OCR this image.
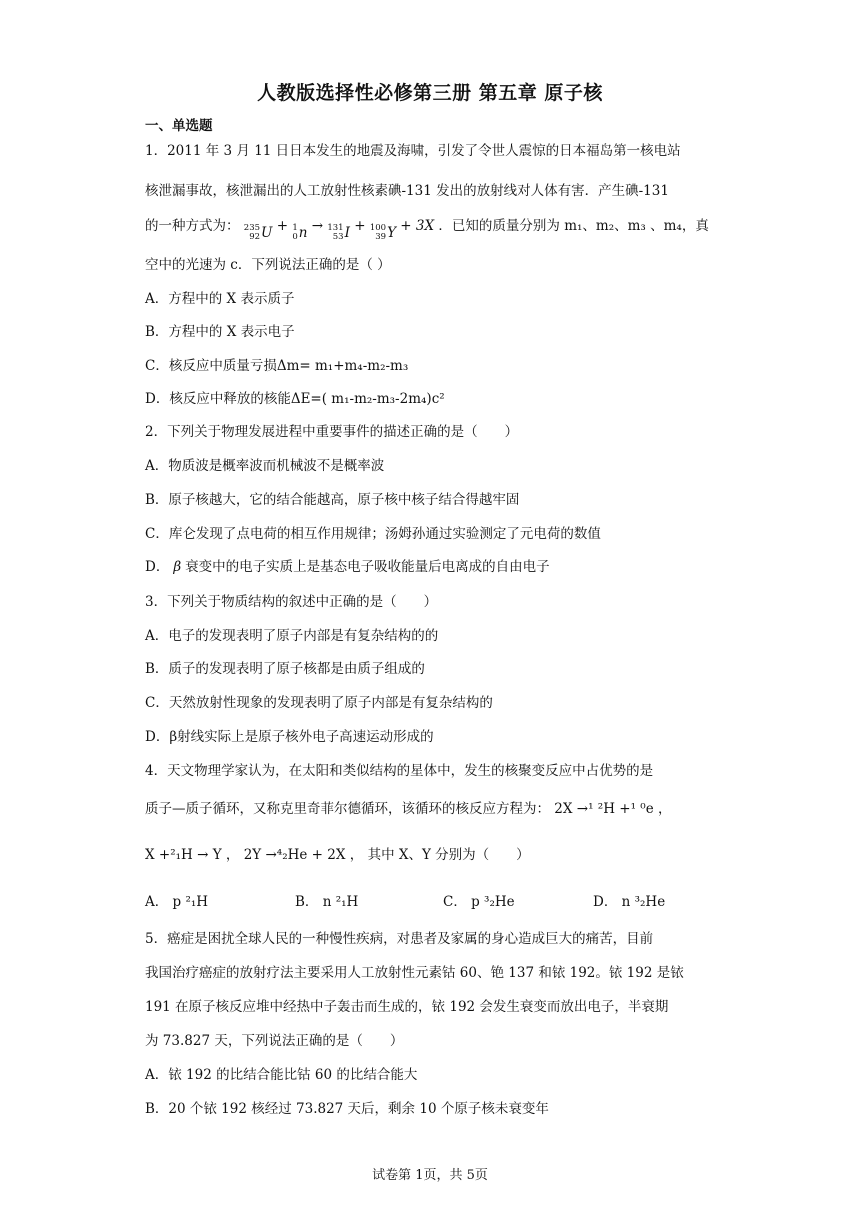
人教版选择性必修第三册 第五章 原子核
一、单选题
1．2011 年 3 月 11 日日本发生的地震及海啸，引发了令世人震惊的日本福岛第一核电站
核泄漏事故，核泄漏出的人工放射性核素碘-131 发出的放射线对人体有害．产生碘-131
的一种方式为： 235
92 U + 1
0 n → 131
53 I + 100
39 Y + 3X ．已知的质量分别为 m₁、m₂、m₃ 、m₄，真
空中的光速为 c．下列说法正确的是（ ）
A．方程中的 X 表示质子
B．方程中的 X 表示电子
C．核反应中质量亏损Δm= m₁+m₄-m₂-m₃
D．核反应中释放的核能ΔE=( m₁-m₂-m₃-2m₄)c²
2．下列关于物理发展进程中重要事件的描述正确的是（　　）
A．物质波是概率波而机械波不是概率波
B．原子核越大，它的结合能越高，原子核中核子结合得越牢固
C．库仑发现了点电荷的相互作用规律；汤姆孙通过实验测定了元电荷的数值
D． β 衰变中的电子实质上是基态电子吸收能量后电离成的自由电子
3．下列关于物质结构的叙述中正确的是（　　）
A．电子的发现表明了原子内部是有复杂结构的的
B．质子的发现表明了原子核都是由质子组成的
C．天然放射性现象的发现表明了原子内部是有复杂结构的
D．β射线实际上是原子核外电子高速运动形成的
4．天文物理学家认为，在太阳和类似结构的星体中，发生的核聚变反应中占优势的是
质子—质子循环，又称克里奇菲尔德循环，该循环的核反应方程为： 2X →¹ ²H +¹ ⁰e ，
X +²₁H → Y ， 2Y →⁴₂He + 2X ， 其中 X、Y 分别为（　　）
A． p ²₁H	B． n ²₁H	C． p ³₂He	D． n ³₂He
5．癌症是困扰全球人民的一种慢性疾病，对患者及家属的身心造成巨大的痛苦，目前
我国治疗癌症的放射疗法主要采用人工放射性元素钴 60、铯 137 和铱 192。铱 192 是铱
191 在原子核反应堆中经热中子轰击而生成的，铱 192 会发生衰变而放出电子，半衰期
为 73.827 天，下列说法正确的是（　　）
A．铱 192 的比结合能比钴 60 的比结合能大
B．20 个铱 192 核经过 73.827 天后，剩余 10 个原子核未衰变年
试卷第 1页，共 5页
